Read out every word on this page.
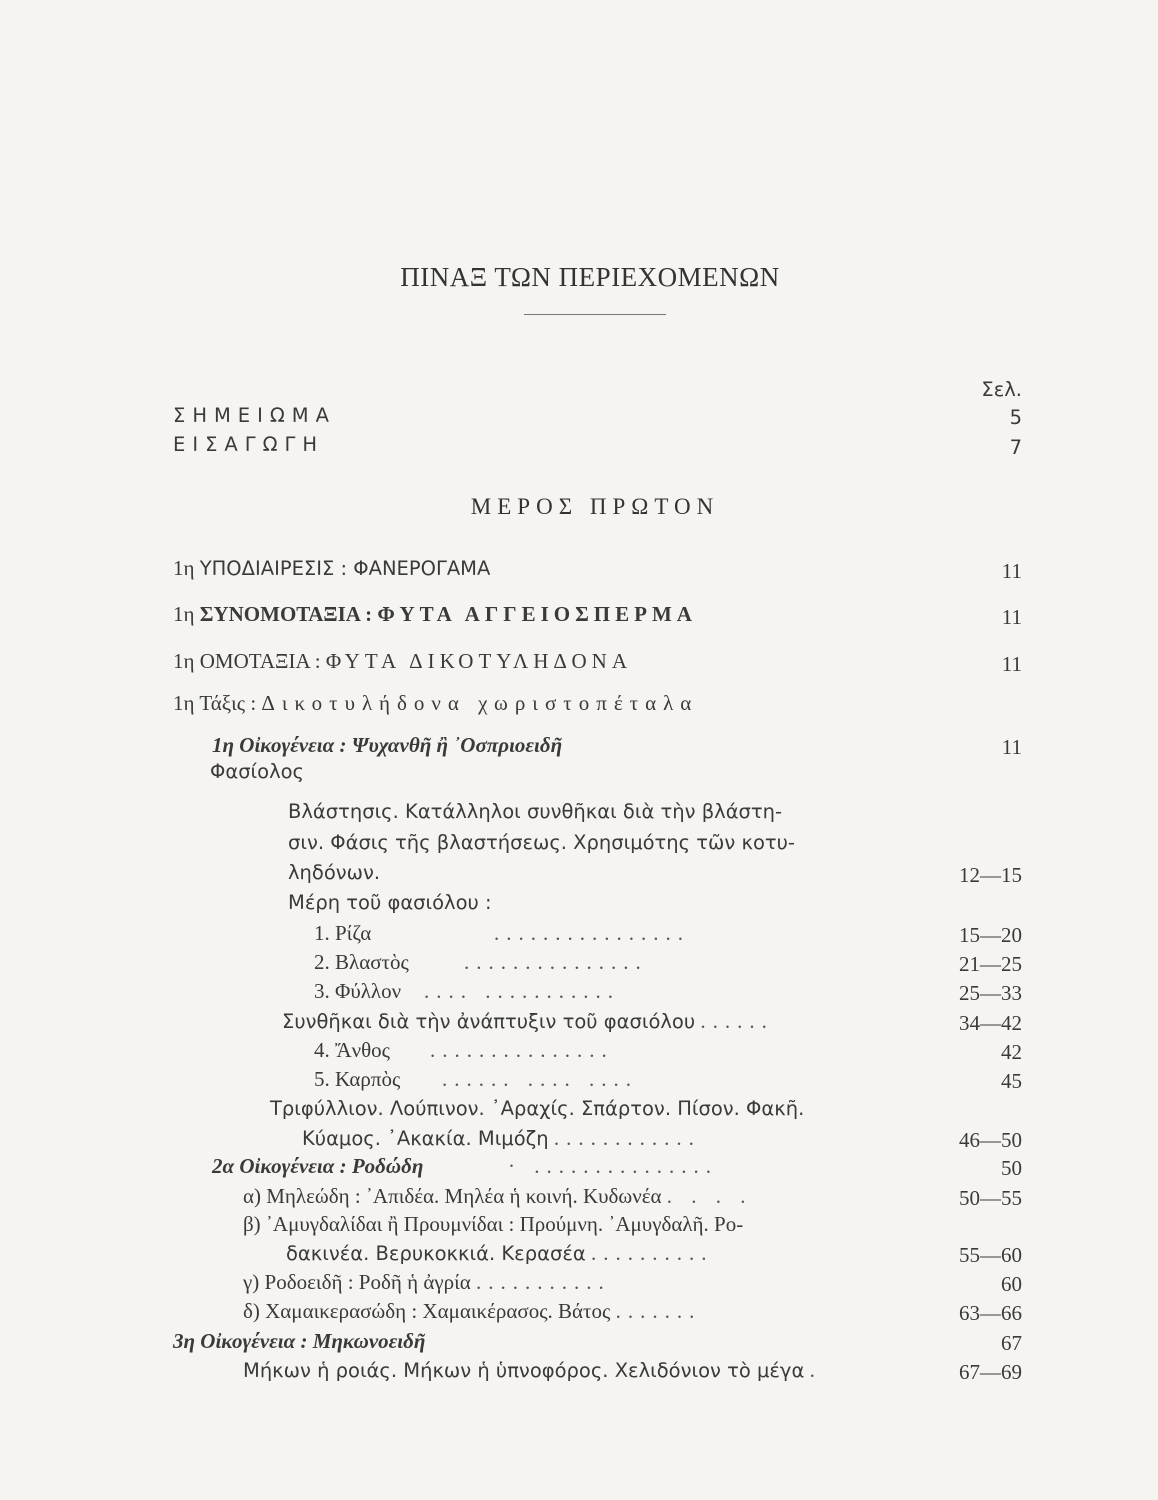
ΠΙΝΑΞ ΤΩΝ ΠΕΡΙΕΧΟΜΕΝΩΝ
Σελ.
ΣΗΜΕΙΩΜΑ	5
ΕΙΣΑΓΩΓΗ	7
ΜΕΡΟΣ ΠΡΩΤΟΝ
1η ΥΠΟΔΙΑΙΡΕΣΙΣ : ΦΑΝΕΡΟΓΑΜΑ	11
1η ΣΥΝΟΜΟΤΑΞΙΑ : ΦΥΤΑ ΑΓΓΕΙΟΣΠΕΡΜΑ	11
1η ΟΜΟΤΑΞΙΑ : ΦΥΤΑ ΔΙΚΟΤΥΛΗΔΟΝΑ	11
1η Τάξις : Δικοτυλήδονα χωριστοπέταλα
1η Οἰκογένεια : Ψυχανθῆ ἢ ᾿Οσπριοειδῆ	11
Φασίολος
Βλάστησις. Κατάλληλοι συνθῆκαι διὰ τὴν βλάστη-
σιν. Φάσις τῆς βλαστήσεως. Χρησιμότης τῶν κοτυ-
ληδόνων.	12—15
Μέρη τοῦ φασιόλου :
1. Ρίζα	................	15—20
2. Βλαστὸς	...............	21—25
3. Φύλλον .... ...........	25—33
Συνθῆκαι διὰ τὴν ἀνάπτυξιν τοῦ φασιόλου ......	34—42
4. Ἄνθος ...............	42
5. Καρπὸς ...... .... ....	45
Τριφύλλιον. Λούπινον. ᾿Αραχίς. Σπάρτον. Πίσον. Φακῆ.
Κύαμος. ᾿Ακακία. Μιμόζη ............	46—50
2α Οἰκογένεια : Ροδώδη	· ...............	50
α) Μηλεώδη : ᾿Απιδέα. Μηλέα ἡ κοινή. Κυδωνέα . . . .	50—55
β) ᾿Αμυγδαλίδαι ἢ Προυμνίδαι : Προύμνη. ᾿Αμυγδαλῆ. Ρο-
δακινέα. Βερυκοκκιά. Κερασέα ..........	55—60
γ) Ροδοειδῆ : Ροδῆ ἡ ἀγρία ...........	60
δ) Χαμαικερασώδη : Χαμαικέρασος. Βάτος .......	63—66
3η Οἰκογένεια : Μηκωνοειδῆ	67
Μήκων ἡ ροιάς. Μήκων ἡ ὑπνοφόρος. Χελιδόνιον τὸ μέγα .	67—69
